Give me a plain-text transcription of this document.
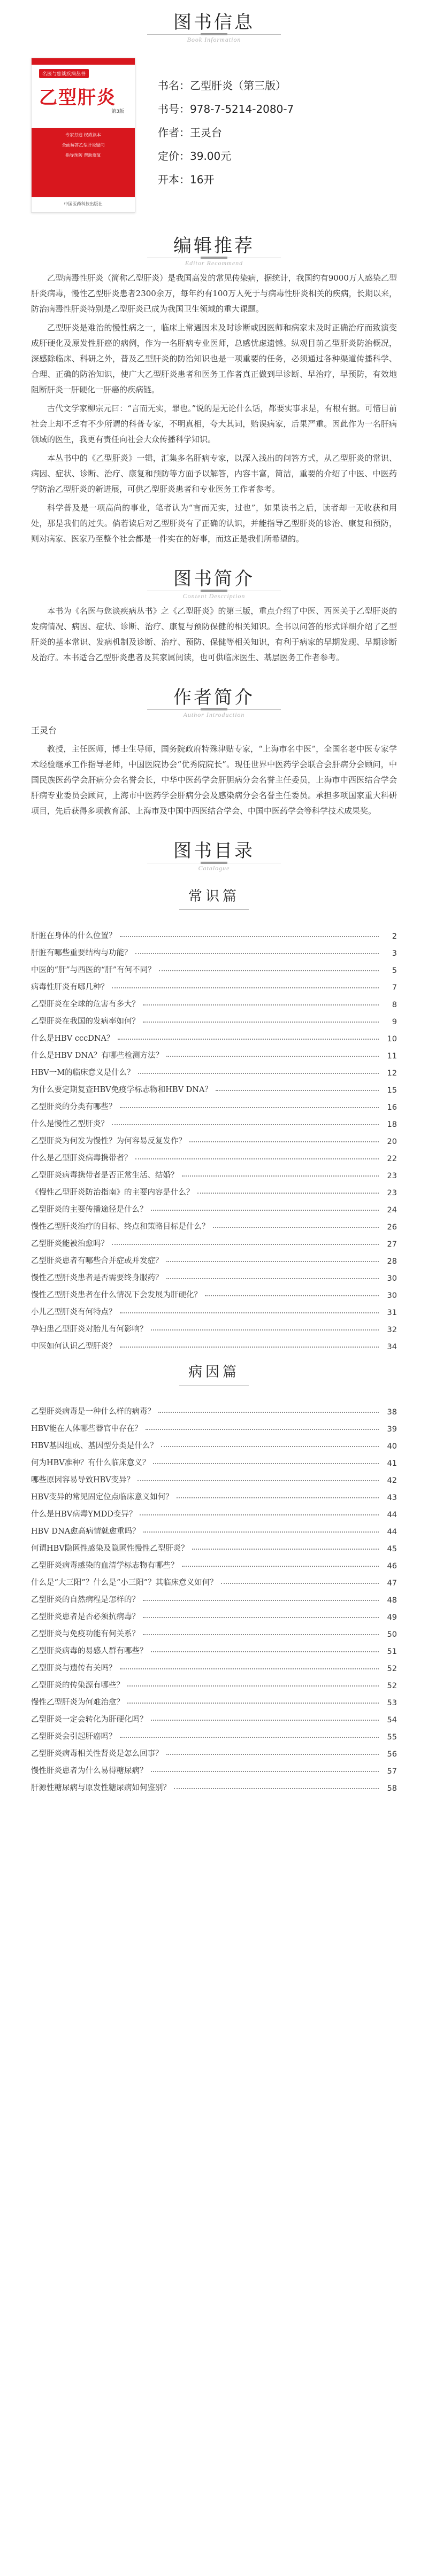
图书信息
Book Information
名医与您谈疾病丛书
乙型肝炎
第3版
专家打造 权威读本
全面解答乙型肝炎疑问
指导预防 帮助康复
中国医药科技出版社
书名：乙型肝炎（第三版）
书号：978-7-5214-2080-7
作者：王灵台
定价：39.00元
开本：16开
编辑推荐
Editor Recommend

乙型病毒性肝炎（简称乙型肝炎）是我国高发的常见传染病，据统计，我国约有9000万人感染乙型肝炎病毒，慢性乙型肝炎患者2300余万，每年约有100万人死于与病毒性肝炎相关的疾病，长期以来，防治病毒性肝炎特别是乙型肝炎已成为我国卫生领域的重大课题。

乙型肝炎是难治的慢性病之一，临床上常遇因未及时诊断或因医师和病家未及时正确治疗而致演变成肝硬化及原发性肝癌的病例，作为一名肝病专业医师，总感忧虑遗憾。纵观目前乙型肝炎防治概况，深感除临床、科研之外，普及乙型肝炎的防治知识也是一项重要的任务，必须通过各种渠道传播科学、合理、正确的防治知识，使广大乙型肝炎患者和医务工作者真正做到早诊断、早治疗，早预防，有效地阻断肝炎一肝硬化一肝癌的疾病链。

古代文学家柳宗元曰：“言而无实，罪也。”说的是无论什么话，都要实事求是，有根有据。可惜目前社会上却不乏有不少所谓的科普专家，不明真相，夸大其词，贻误病家，后果严重。因此作为一名肝病领域的医生，我更有责任向社会大众传播科学知识。

本丛书中的《乙型肝炎》一辑，汇集多名肝病专家，以深入浅出的问答方式，从乙型肝炎的常识、病因、症状、诊断、治疗、康复和预防等方面予以解答，内容丰富，简洁，重要的介绍了中医、中医药学防治乙型肝炎的新进展，可供乙型肝炎患者和专业医务工作者参考。

科学普及是一项高尚的事业，笔者认为“言而无实，过也”，如果读书之后，读者却一无收获和用处，那是我们的过失。倘若读后对乙型肝炎有了正确的认识，并能指导乙型肝炎的诊治、康复和预防，则对病家、医家乃至整个社会都是一件实在的好事，而这正是我们所希望的。

图书简介
Content Description

本书为《名医与您谈疾病丛书》之《乙型肝炎》的第三版，重点介绍了中医、西医关于乙型肝炎的发病情况、病因、症状、诊断、治疗、康复与预防保健的相关知识。全书以问答的形式详细介绍了乙型肝炎的基本常识、发病机制及诊断、治疗、预防、保健等相关知识，有利于病家的早期发现、早期诊断及治疗。本书适合乙型肝炎患者及其家属阅读，也可供临床医生、基层医务工作者参考。

作者简介
Author Introduction
王灵台

教授，主任医师，博士生导师，国务院政府特殊津贴专家，“上海市名中医”，全国名老中医专家学术经验继承工作指导老师，中国医院协会“优秀院院长”。现任世界中医药学会联合会肝病分会顾问，中国民族医药学会肝病分会名誉会长，中华中医药学会肝胆病分会名誉主任委员，上海市中西医结合学会肝病专业委员会顾问，上海市中医药学会肝病分会及感染病分会名誉主任委员。承担多项国家重大科研项目，先后获得多项教育部、上海市及中国中西医结合学会、中国中医药学会等科学技术成果奖。

图书目录
Catalogue
常识篇
肝脏在身体的什么位置？	2
肝脏有哪些重要结构与功能？	3
中医的“肝”与西医的“肝”有何不同？	5
病毒性肝炎有哪几种？	7
乙型肝炎在全球的危害有多大？	8
乙型肝炎在我国的发病率如何？	9
什么是HBV cccDNA？	10
什么是HBV DNA？有哪些检测方法？	11
HBV一M的临床意义是什么？	12
为什么要定期复查HBV免疫学标志物和HBV DNA？	15
乙型肝炎的分类有哪些？	16
什么是慢性乙型肝炎？	18
乙型肝炎为何发为慢性？为何容易反复发作？	20
什么是乙型肝炎病毒携带者？	22
乙型肝炎病毒携带者是否正常生活、结婚？	23
《慢性乙型肝炎防治指南》的主要内容是什么？	23
乙型肝炎的主要传播途径是什么？	24
慢性乙型肝炎治疗的目标、终点和策略目标是什么？	26
乙型肝炎能被治愈吗？	27
乙型肝炎患者有哪些合并症或并发症？	28
慢性乙型肝炎患者是否需要终身服药？	30
慢性乙型肝炎患者在什么情况下会发展为肝硬化？	30
小儿乙型肝炎有何特点？	31
孕妇患乙型肝炎对胎儿有何影响？	32
中医如何认识乙型肝炎？	34
病因篇
乙型肝炎病毒是一种什么样的病毒？	38
HBV能在人体哪些器官中存在？	39
HBV基因组成、基因型分类是什么？	40
何为HBV准种？有什么临床意义？	41
哪些原因容易导致HBV变异？	42
HBV变异的常见固定位点临床意义如何？	43
什么是HBV病毒YMDD变异？	44
HBV DNA愈高病情就愈重吗？	44
何谓HBV隐匿性感染及隐匿性慢性乙型肝炎？	45
乙型肝炎病毒感染的血清学标志物有哪些？	46
什么是“大三阳”？什么是“小三阳”？其临床意义如何？	47
乙型肝炎的自然病程是怎样的？	48
乙型肝炎患者是否必须抗病毒？	49
乙型肝炎与免疫功能有何关系？	50
乙型肝炎病毒的易感人群有哪些？	51
乙型肝炎与遗传有关吗？	52
乙型肝炎的传染源有哪些？	52
慢性乙型肝炎为何难治愈？	53
乙型肝炎一定会转化为肝硬化吗？	54
乙型肝炎会引起肝癌吗？	55
乙型肝炎病毒相关性肾炎是怎么回事？	56
慢性肝炎患者为什么易得糖尿病？	57
肝源性糖尿病与原发性糖尿病如何鉴别？	58
